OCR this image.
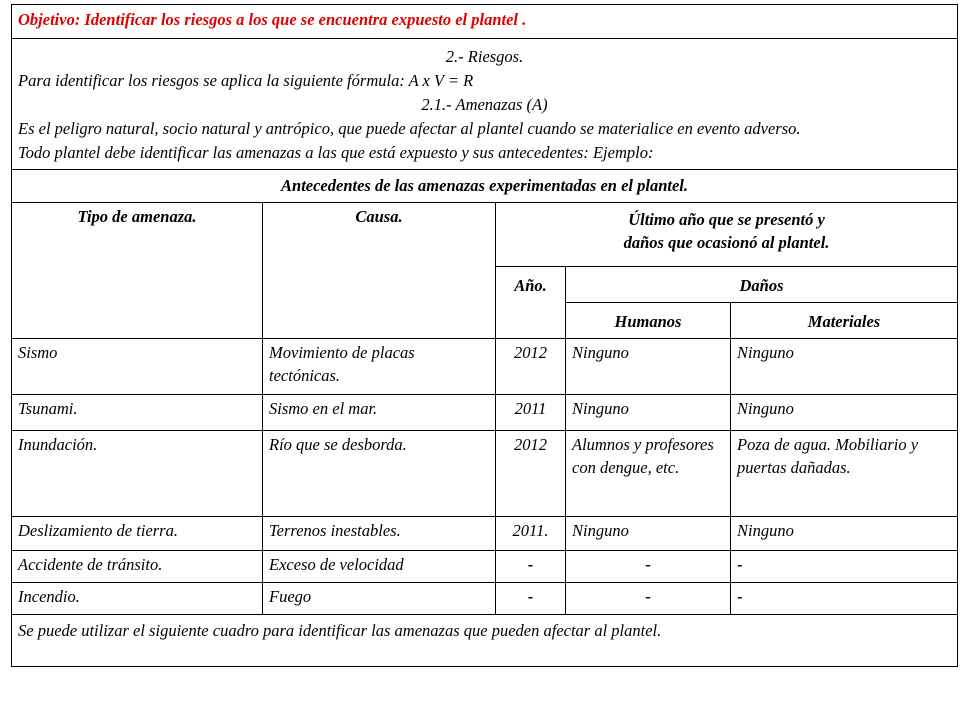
Objetivo: Identificar los riesgos a los que se encuentra expuesto el plantel .				

2.- Riesgos.
Para identificar los riesgos se aplica la siguiente fórmula: A x V = R
2.1.- Amenazas (A)
Es el peligro natural, socio natural y antrópico, que puede afectar al plantel cuando se materialice en evento adverso.
Todo plantel debe identificar las amenazas a las que está expuesto y sus antecedentes: Ejemplo:				

Antecedentes de las amenazas experimentadas en el plantel.				
Tipo de amenaza.	Causa.	Último año que se presentó y
daños que ocasionó al plantel.		

		Año.	Daños	
			Humanos	Materiales
Sismo	Movimiento de placas tectónicas.	2012	Ninguno	Ninguno
Tsunami.	Sismo en el mar.	2011	Ninguno	Ninguno
Inundación.	Río que se desborda.	2012	Alumnos y profesores con dengue, etc.	Poza de agua. Mobiliario y puertas dañadas.
Deslizamiento de tierra.	Terrenos inestables.	2011.	Ninguno	Ninguno
Accidente de tránsito.	Exceso de velocidad	-	-	-
Incendio.	Fuego	-	-	-
Se puede utilizar el siguiente cuadro para identificar las amenazas que pueden afectar al plantel.				
